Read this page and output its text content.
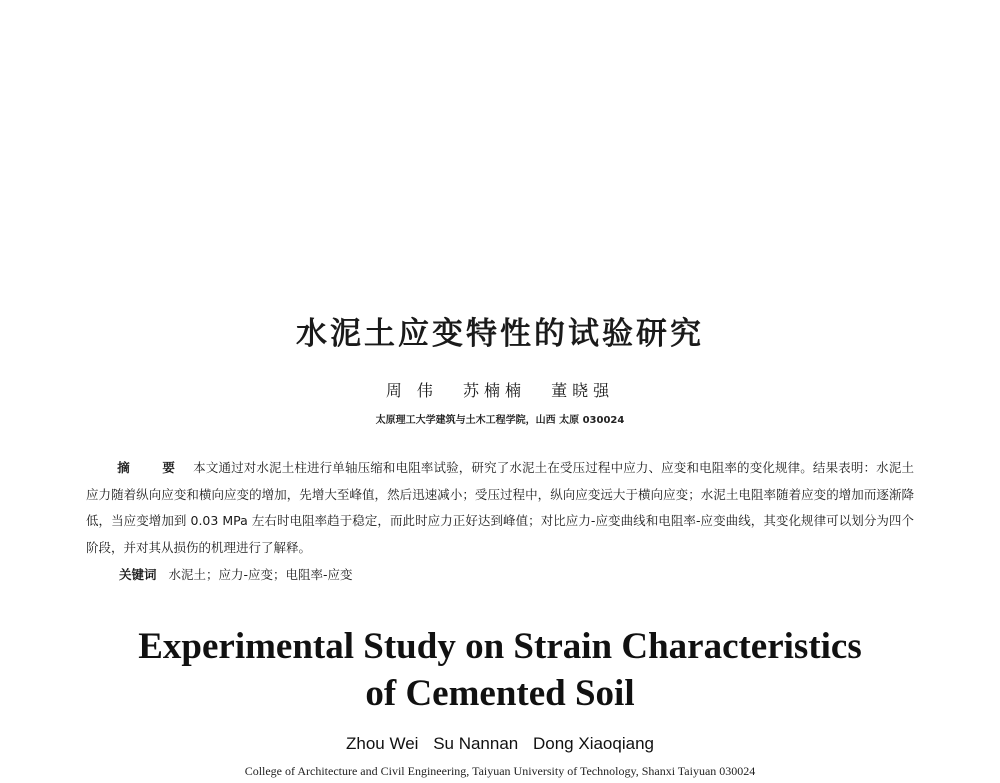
水泥土应变特性的试验研究
周 伟 苏楠楠 董晓强
太原理工大学建筑与土木工程学院，山西 太原 030024

摘 要 本文通过对水泥土柱进行单轴压缩和电阻率试验，研究了水泥土在受压过程中应力、应变和电阻率的变化规律。结果表明：水泥土应力随着纵向应变和横向应变的增加，先增大至峰值，然后迅速减小；受压过程中，纵向应变远大于横向应变；水泥土电阻率随着应变的增加而逐渐降低，当应变增加到 0.03 MPa 左右时电阻率趋于稳定，而此时应力正好达到峰值；对比应力-应变曲线和电阻率-应变曲线，其变化规律可以划分为四个阶段，并对其从损伤的机理进行了解释。

关键词 水泥土；应力-应变；电阻率-应变
Experimental Study on Strain Characteristics
of Cemented Soil
Zhou Wei Su Nannan Dong Xiaoqiang
College of Architecture and Civil Engineering, Taiyuan University of Technology, Shanxi Taiyuan 030024
